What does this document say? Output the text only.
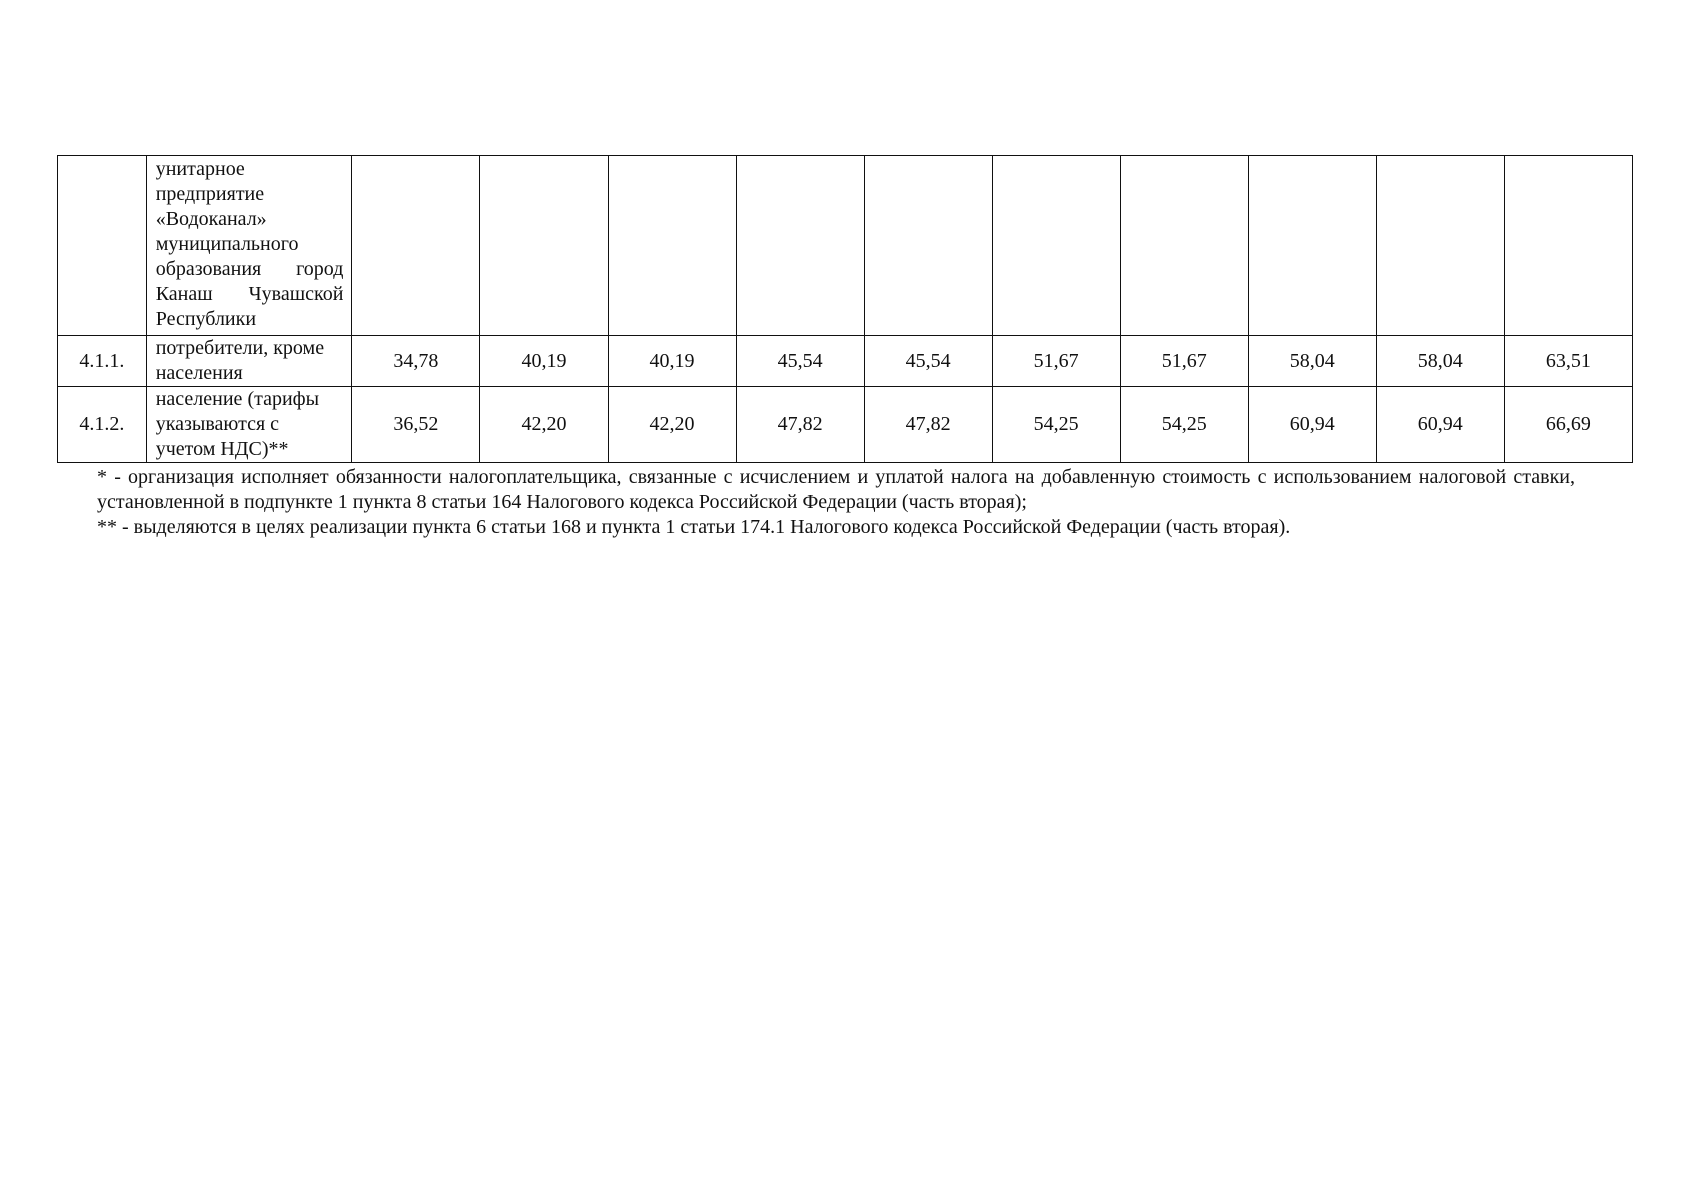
	унитарное предприятие «Водоканал» муниципального образования город Канаш Чувашской Республики										
4.1.1.	потребители, кроме населения	34,78	40,19	40,19	45,54	45,54	51,67	51,67	58,04	58,04	63,51
4.1.2.	население (тарифы указываются с учетом НДС)**	36,52	42,20	42,20	47,82	47,82	54,25	54,25	60,94	60,94	66,69

* - организация исполняет обязанности налогоплательщика, связанные с исчислением и уплатой налога на добавленную стоимость с использованием налоговой ставки, установленной в подпункте 1 пункта 8 статьи 164 Налогового кодекса Российской Федерации (часть вторая);

** - выделяются в целях реализации пункта 6 статьи 168 и пункта 1 статьи 174.1 Налогового кодекса Российской Федерации (часть вторая).
